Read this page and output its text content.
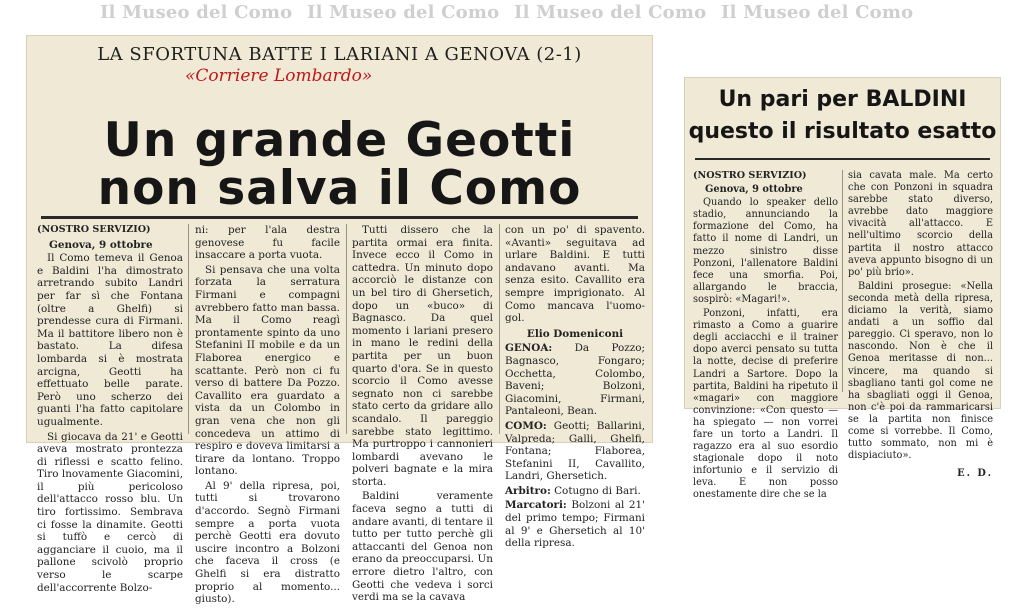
Il Museo del Como Il Museo del Como Il Museo del Como Il Museo del Como
LA SFORTUNA BATTE I LARIANI A GENOVA (2-1)
«Corriere Lombardo»
Un grande Geotti
non salva il Como
(NOSTRO SERVIZIO)
Genova, 9 ottobre
Il Como temeva il Genoa e Baldini l'ha dimostrato arretrando subito Landri per far sì che Fontana (oltre a Ghelfi) si prendesse cura di Firmani. Ma il battitore libero non è bastato. La difesa lombarda si è mostrata arcigna, Geotti ha effettuato belle parate. Però uno scherzo dei guanti l'ha fatto capitolare ugualmente.
Si giocava da 21' e Geotti aveva mostrato prontezza di riflessi e scatto felino. Tiro lnovamente Giacomini, il più pericoloso dell'attacco rosso blu. Un tiro fortissimo. Sembrava ci fosse la dinamite. Geotti si tuffò e cercò di agganciare il cuoio, ma il pallone scivolò proprio verso le scarpe dell'accorrente Bolzo-
ni: per l'ala destra genovese fu facile insaccare a porta vuota.
Si pensava che una volta forzata la serratura Firmani e compagni avrebbero fatto man bassa. Ma il Como reagì prontamente spinto da uno Stefanini II mobile e da un Flaborea energico e scattante. Però non ci fu verso di battere Da Pozzo. Cavallito era guardato a vista da un Colombo in gran vena che non gli concedeva un attimo di respiro e doveva limitarsi a tirare da lontano. Troppo lontano.
Al 9' della ripresa, poi, tutti si trovarono d'accordo. Segnò Firmani sempre a porta vuota perchè Geotti era dovuto uscire incontro a Bolzoni che faceva il cross (e Ghelfi si era distratto proprio al momento... giusto).
Tutti dissero che la partita ormai era finita. Invece ecco il Como in cattedra. Un minuto dopo accorciò le distanze con un bel tiro di Ghersetich, dopo un «buco» di Bagnasco. Da quel momento i lariani presero in mano le redini della partita per un buon quarto d'ora. Se in questo scorcio il Como avesse segnato non ci sarebbe stato certo da gridare allo scandalo. Il pareggio sarebbe stato legittimo. Ma purtroppo i cannonieri lombardi avevano le polveri bagnate e la mira storta.
Baldini veramente faceva segno a tutti di andare avanti, di tentare il tutto per tutto perchè gli attaccanti del Genoa non erano da preoccuparsi. Un errore dietro l'altro, con Geotti che vedeva i sorci verdi ma se la cavava
con un po' di spavento. «Avanti» seguitava ad urlare Baldini. E tutti andavano avanti. Ma senza esito. Cavallito era sempre imprigionato. Al Como mancava l'uomo-gol.
Elio Domeniconi
GENOA: Da Pozzo; Bagnasco, Fongaro; Occhetta, Colombo, Baveni; Bolzoni, Giacomini, Firmani, Pantaleoni, Bean.
COMO: Geotti; Ballarini, Valpreda; Galli, Ghelfi, Fontana; Flaborea, Stefanini II, Cavallito, Landri, Ghersetich.
Arbitro: Cotugno di Bari.
Marcatori: Bolzoni al 21' del primo tempo; Firmani al 9' e Ghersetich al 10' della ripresa.
Un pari per BALDINI
questo il risultato esatto
(NOSTRO SERVIZIO)
Genova, 9 ottobre
Quando lo speaker dello stadio, annunciando la formazione del Como, ha fatto il nome di Landri, un mezzo sinistro disse Ponzoni, l'allenatore Baldini fece una smorfia. Poi, allargando le braccia, sospirò: «Magari!».
Ponzoni, infatti, era rimasto a Como a guarire degli acciacchi e il trainer dopo averci pensato su tutta la notte, decise di preferire Landri a Sartore. Dopo la partita, Baldini ha ripetuto il «magari» con maggiore convinzione: «Con questo — ha spiegato — non vorrei fare un torto a Landri. Il ragazzo era al suo esordio stagionale dopo il noto infortunio e il servizio di leva. E non posso onestamente dire che se la
sia cavata male. Ma certo che con Ponzoni in squadra sarebbe stato diverso, avrebbe dato maggiore vivacità all'attacco. E nell'ultimo scorcio della partita il nostro attacco aveva appunto bisogno di un po' più brio».
Baldini prosegue: «Nella seconda metà della ripresa, diciamo la verità, siamo andati a un soffio dal pareggio. Ci speravo, non lo nascondo. Non è che il Genoa meritasse di non... vincere, ma quando si sbagliano tanti gol come ne ha sbagliati oggi il Genoa, non c'è poi da rammaricarsi se la partita non finisce come si vorrebbe. Il Como, tutto sommato, non mi è dispiaciuto».
E. D.
